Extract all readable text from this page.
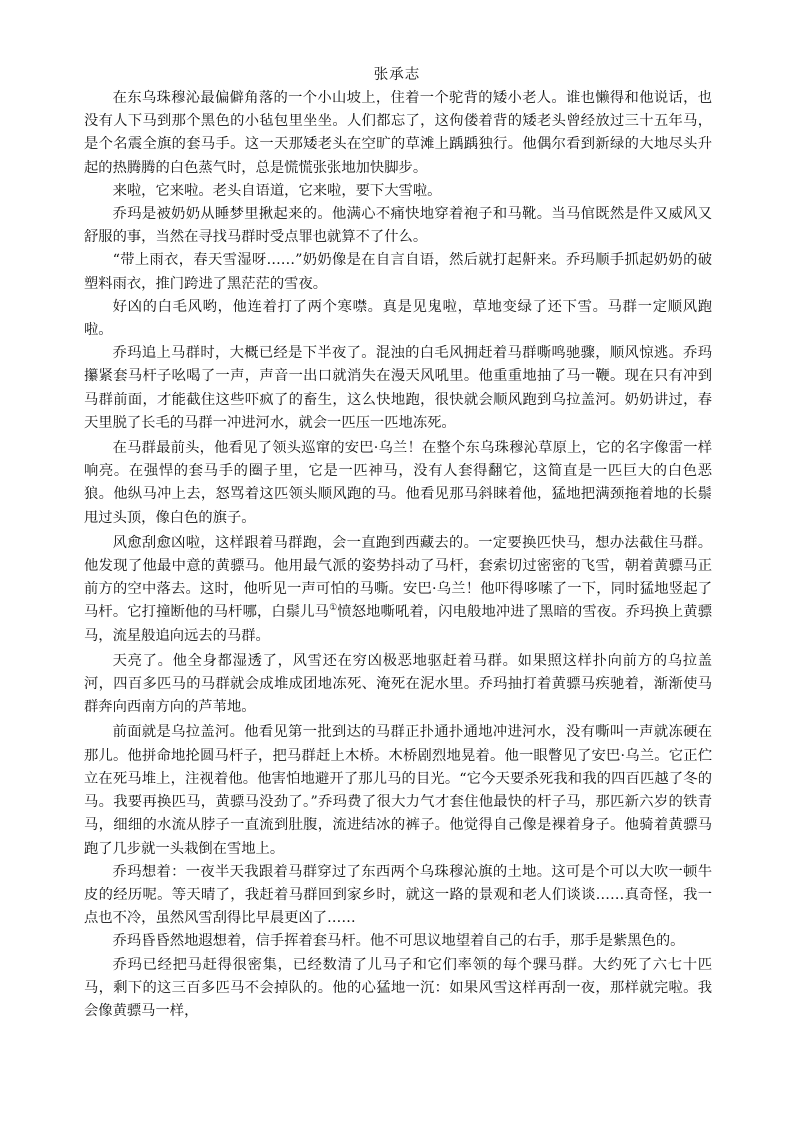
张承志

在东乌珠穆沁最偏僻角落的一个小山坡上，住着一个驼背的矮小老人。谁也懒得和他说话，也没有人下马到那个黑色的小毡包里坐坐。人们都忘了，这佝偻着背的矮老头曾经放过三十五年马，是个名震全旗的套马手。这一天那矮老头在空旷的草滩上踽踽独行。他偶尔看到新绿的大地尽头升起的热腾腾的白色蒸气时，总是慌慌张张地加快脚步。

来啦，它来啦。老头自语道，它来啦，要下大雪啦。

乔玛是被奶奶从睡梦里揪起来的。他满心不痛快地穿着袍子和马靴。当马倌既然是件又威风又舒服的事，当然在寻找马群时受点罪也就算不了什么。

“带上雨衣，春天雪湿呀……”奶奶像是在自言自语，然后就打起鼾来。乔玛顺手抓起奶奶的破塑料雨衣，推门跨进了黑茫茫的雪夜。

好凶的白毛风哟，他连着打了两个寒噤。真是见鬼啦，草地变绿了还下雪。马群一定顺风跑啦。

乔玛追上马群时，大概已经是下半夜了。混浊的白毛风拥赶着马群嘶鸣驰骤，顺风惊逃。乔玛攥紧套马杆子吆喝了一声，声音一出口就消失在漫天风吼里。他重重地抽了马一鞭。现在只有冲到马群前面，才能截住这些吓疯了的畜生，这么快地跑，很快就会顺风跑到乌拉盖河。奶奶讲过，春天里脱了长毛的马群一冲进河水，就会一匹压一匹地冻死。

在马群最前头，他看见了领头巡窜的安巴·乌兰！在整个东乌珠穆沁草原上，它的名字像雷一样响亮。在强悍的套马手的圈子里，它是一匹神马，没有人套得翻它，这简直是一匹巨大的白色恶狼。他纵马冲上去，怒骂着这匹领头顺风跑的马。他看见那马斜睐着他，猛地把满颈拖着地的长鬃甩过头顶，像白色的旗子。

风愈刮愈凶啦，这样跟着马群跑，会一直跑到西藏去的。一定要换匹快马，想办法截住马群。他发现了他最中意的黄骠马。他用最气派的姿势抖动了马杆，套索切过密密的飞雪，朝着黄骠马正前方的空中落去。这时，他听见一声可怕的马嘶。安巴·乌兰！他吓得哆嗦了一下，同时猛地竖起了马杆。它打撞断他的马杆哪，白鬃儿马①愤怒地嘶吼着，闪电般地冲进了黑暗的雪夜。乔玛换上黄骠马，流星般追向远去的马群。

天亮了。他全身都湿透了，风雪还在穷凶极恶地驱赶着马群。如果照这样扑向前方的乌拉盖河，四百多匹马的马群就会成堆成团地冻死、淹死在泥水里。乔玛抽打着黄骠马疾驰着，渐渐使马群奔向西南方向的芦苇地。

前面就是乌拉盖河。他看见第一批到达的马群正扑通扑通地冲进河水，没有嘶叫一声就冻硬在那儿。他拼命地抡圆马杆子，把马群赶上木桥。木桥剧烈地晃着。他一眼瞥见了安巴·乌兰。它正伫立在死马堆上，注视着他。他害怕地避开了那儿马的目光。“它今天要杀死我和我的四百匹越了冬的马。我要再换匹马，黄骠马没劲了。”乔玛费了很大力气才套住他最快的杆子马，那匹新六岁的铁青马，细细的水流从脖子一直流到肚腹，流进结冰的裤子。他觉得自己像是裸着身子。他骑着黄骠马跑了几步就一头栽倒在雪地上。

乔玛想着：一夜半天我跟着马群穿过了东西两个乌珠穆沁旗的土地。这可是个可以大吹一顿牛皮的经历呢。等天晴了，我赶着马群回到家乡时，就这一路的景观和老人们谈谈……真奇怪，我一点也不冷，虽然风雪刮得比早晨更凶了……

乔玛昏昏然地遐想着，信手挥着套马杆。他不可思议地望着自己的右手，那手是紫黑色的。

乔玛已经把马赶得很密集，已经数清了儿马子和它们率领的每个骒马群。大约死了六七十匹马，剩下的这三百多匹马不会掉队的。他的心猛地一沉：如果风雪这样再刮一夜，那样就完啦。我会像黄骠马一样，
